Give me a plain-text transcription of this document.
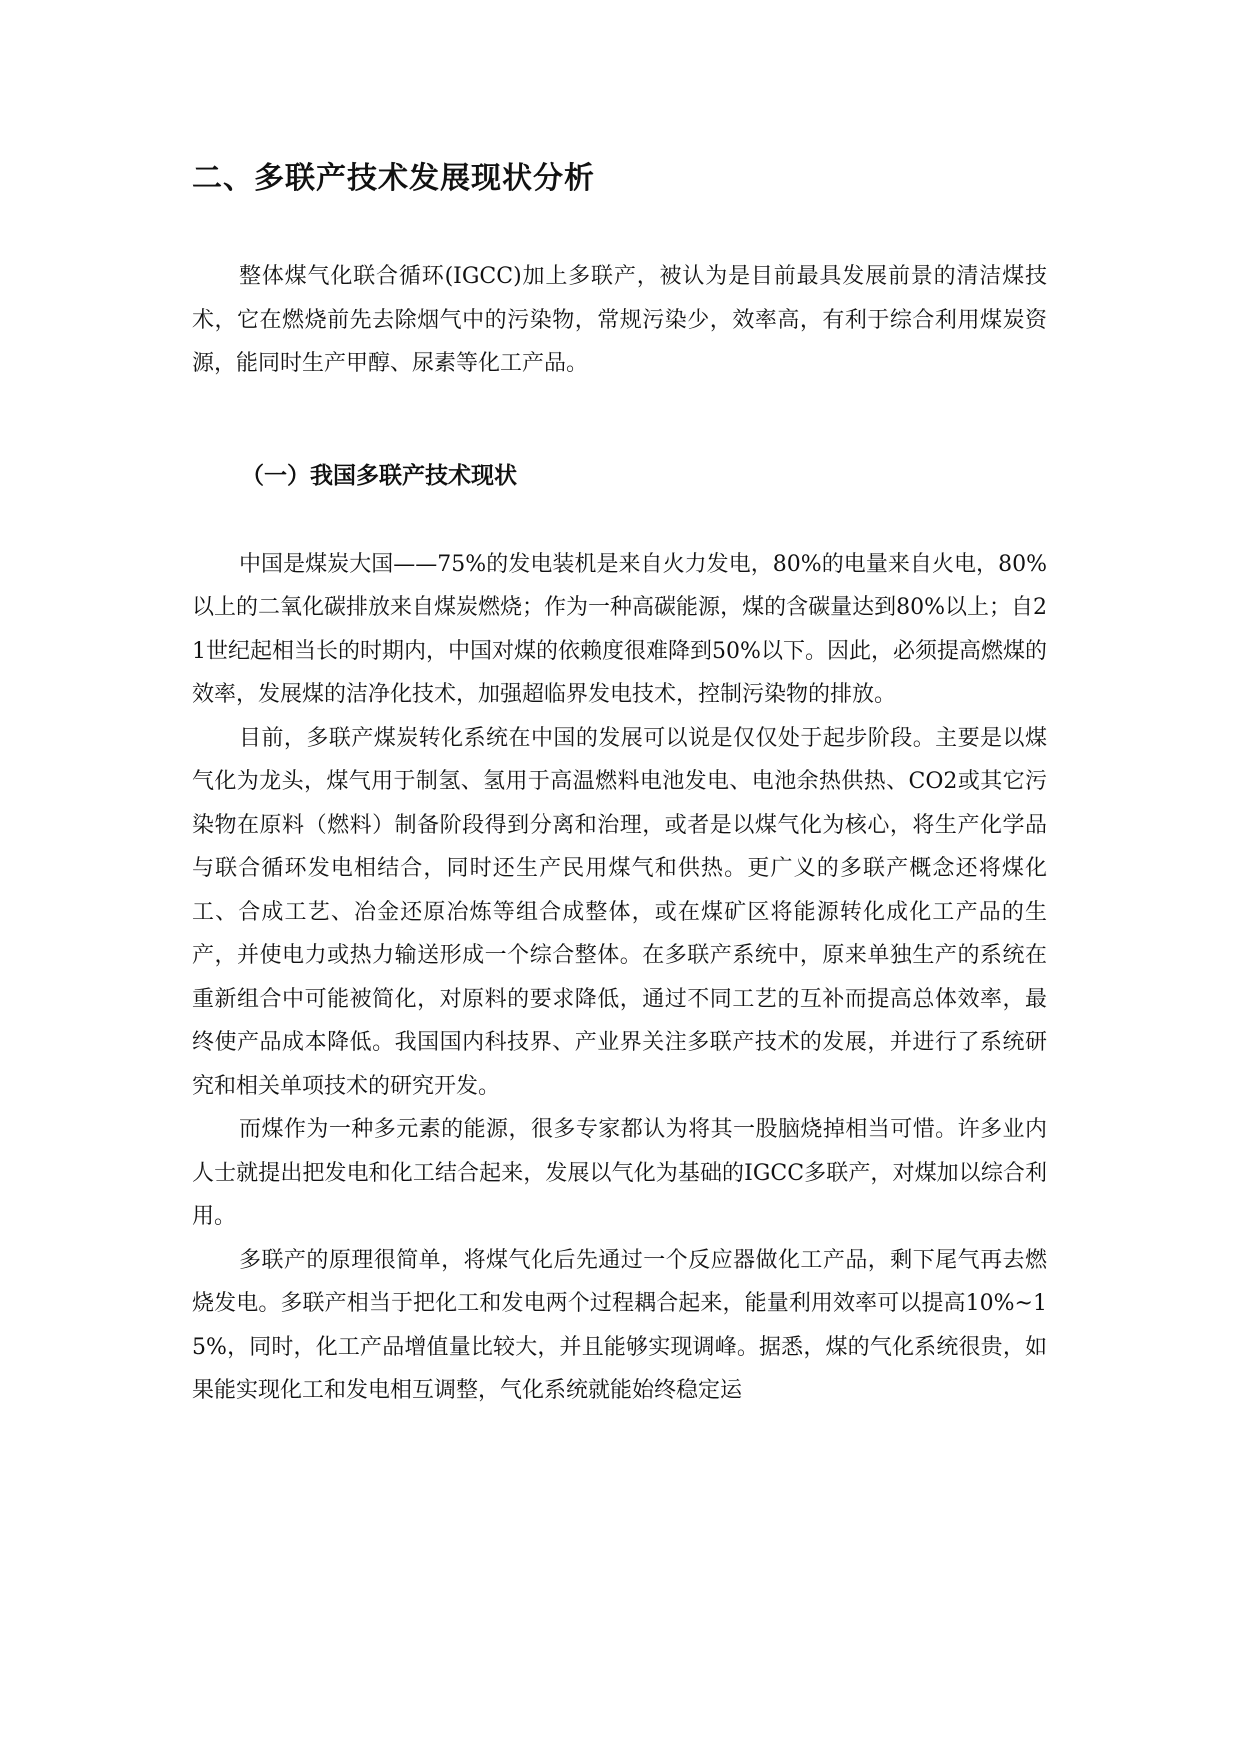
二、多联产技术发展现状分析

整体煤气化联合循环(IGCC)加上多联产，被认为是目前最具发展前景的清洁煤技术，它在燃烧前先去除烟气中的污染物，常规污染少，效率高，有利于综合利用煤炭资源，能同时生产甲醇、尿素等化工产品。

（一）我国多联产技术现状

中国是煤炭大国——75%的发电装机是来自火力发电，80%的电量来自火电，80%以上的二氧化碳排放来自煤炭燃烧；作为一种高碳能源，煤的含碳量达到80%以上；自21世纪起相当长的时期内，中国对煤的依赖度很难降到50%以下。因此，必须提高燃煤的效率，发展煤的洁净化技术，加强超临界发电技术，控制污染物的排放。

目前，多联产煤炭转化系统在中国的发展可以说是仅仅处于起步阶段。主要是以煤气化为龙头，煤气用于制氢、氢用于高温燃料电池发电、电池余热供热、CO2或其它污染物在原料（燃料）制备阶段得到分离和治理，或者是以煤气化为核心，将生产化学品与联合循环发电相结合，同时还生产民用煤气和供热。更广义的多联产概念还将煤化工、合成工艺、冶金还原冶炼等组合成整体，或在煤矿区将能源转化成化工产品的生产，并使电力或热力输送形成一个综合整体。在多联产系统中，原来单独生产的系统在重新组合中可能被简化，对原料的要求降低，通过不同工艺的互补而提高总体效率，最终使产品成本降低。我国国内科技界、产业界关注多联产技术的发展，并进行了系统研究和相关单项技术的研究开发。

而煤作为一种多元素的能源，很多专家都认为将其一股脑烧掉相当可惜。许多业内人士就提出把发电和化工结合起来，发展以气化为基础的IGCC多联产，对煤加以综合利用。

多联产的原理很简单，将煤气化后先通过一个反应器做化工产品，剩下尾气再去燃烧发电。多联产相当于把化工和发电两个过程耦合起来，能量利用效率可以提高10%~15%，同时，化工产品增值量比较大，并且能够实现调峰。据悉，煤的气化系统很贵，如果能实现化工和发电相互调整，气化系统就能始终稳定运
